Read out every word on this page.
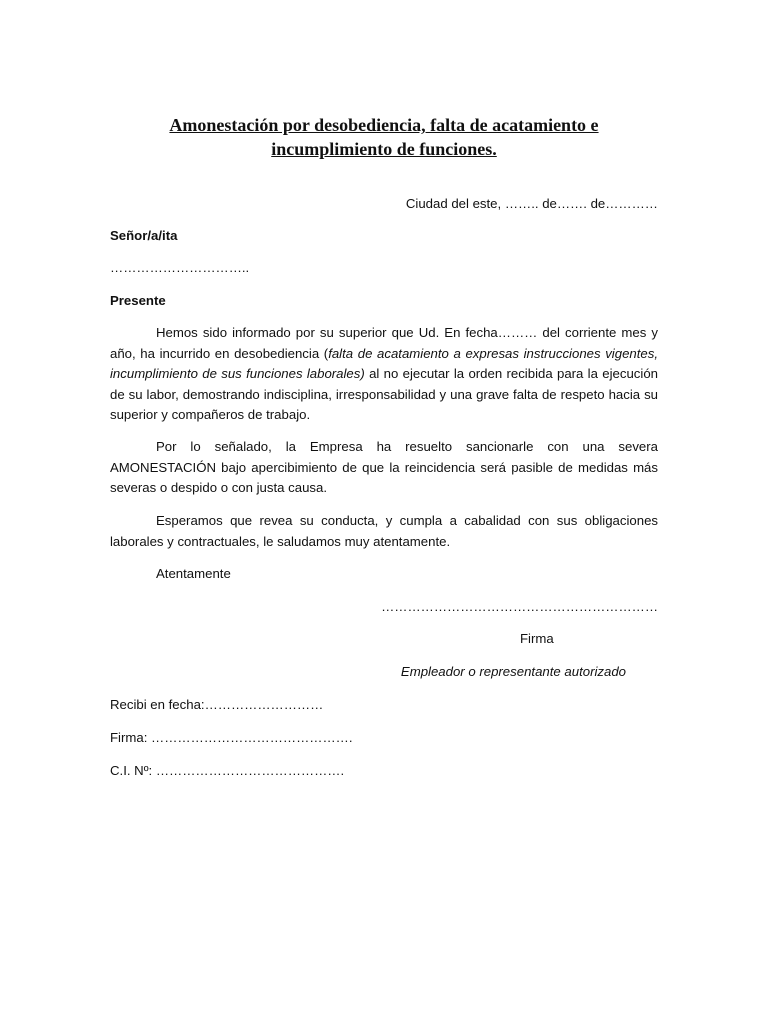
Amonestación por desobediencia, falta de acatamiento e incumplimiento de funciones.
Ciudad del este, …….. de……. de…………
Señor/a/ita
…………………………..
Presente
Hemos sido informado por su superior que Ud. En fecha……… del corriente mes y año, ha incurrido en desobediencia (falta de acatamiento a expresas instrucciones vigentes, incumplimiento de sus funciones laborales) al no ejecutar la orden recibida para la ejecución de su labor, demostrando indisciplina, irresponsabilidad y una grave falta de respeto hacia su superior y compañeros de trabajo.
Por lo señalado, la Empresa ha resuelto sancionarle con una severa AMONESTACIÓN bajo apercibimiento de que la reincidencia será pasible de medidas más severas o despido o con justa causa.
Esperamos que revea su conducta, y cumpla a cabalidad con sus obligaciones laborales y contractuales, le saludamos muy atentamente.
Atentamente
………………………………………………………
Firma
Empleador o representante autorizado
Recibi en fecha:………………………
Firma: ……………………………………….
C.I. Nº: …………………………………….
